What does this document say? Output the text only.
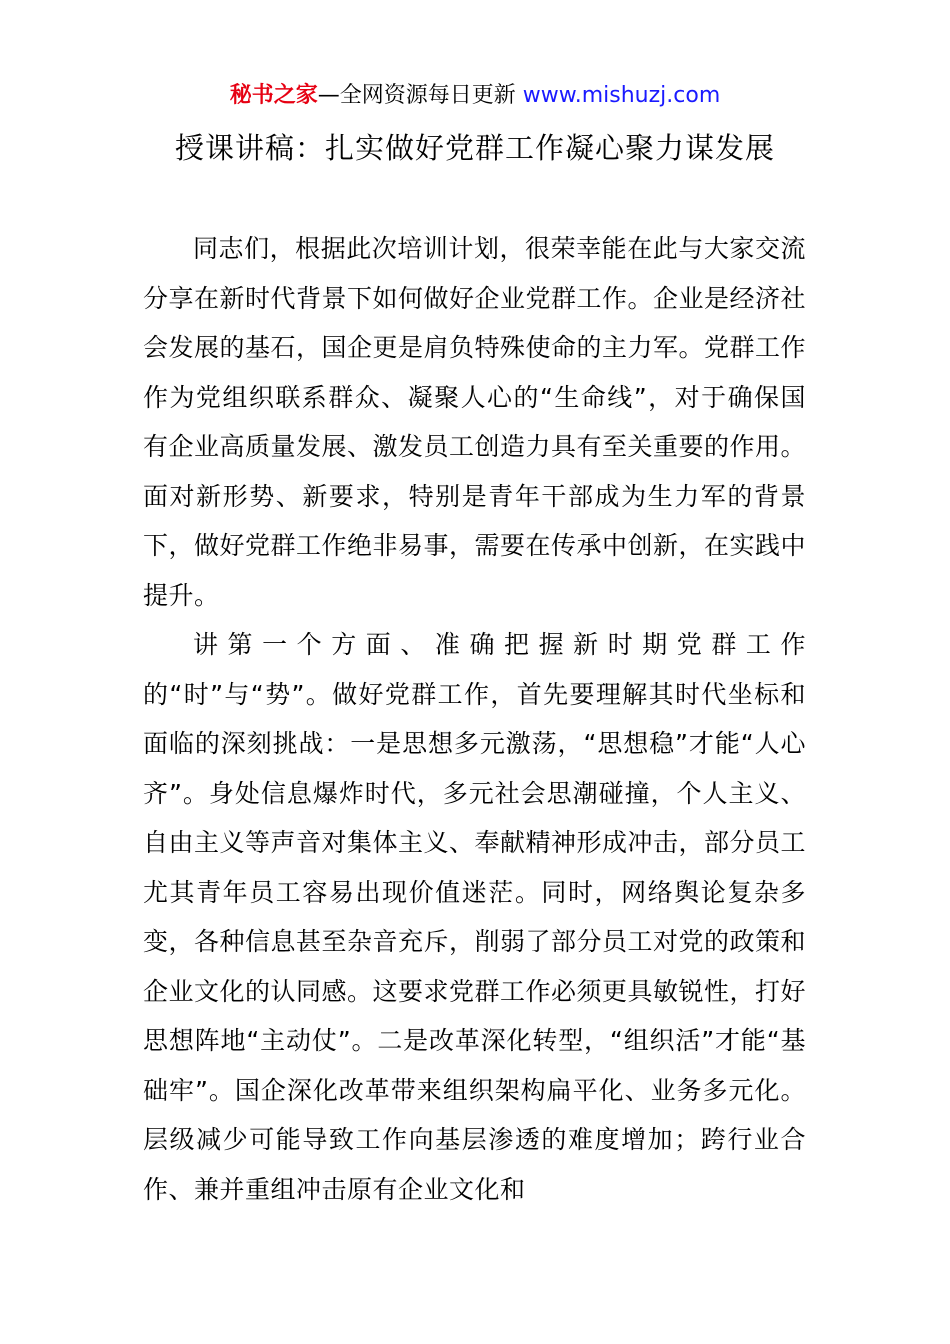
秘书之家—全网资源每日更新 www.mishuzj.com
授课讲稿：扎实做好党群工作凝心聚力谋发展

同志们，根据此次培训计划，很荣幸能在此与大家交流分享在新时代背景下如何做好企业党群工作。企业是经济社会发展的基石，国企更是肩负特殊使命的主力军。党群工作作为党组织联系群众、凝聚人心的“生命线”，对于确保国有企业高质量发展、激发员工创造力具有至关重要的作用。面对新形势、新要求，特别是青年干部成为生力军的背景下，做好党群工作绝非易事，需要在传承中创新，在实践中提升。

讲第一个方面、准确把握新时期党群工作的“时”与“势”。做好党群工作，首先要理解其时代坐标和面临的深刻挑战：一是思想多元激荡，“思想稳”才能“人心齐”。身处信息爆炸时代，多元社会思潮碰撞，个人主义、自由主义等声音对集体主义、奉献精神形成冲击，部分员工尤其青年员工容易出现价值迷茫。同时，网络舆论复杂多变，各种信息甚至杂音充斥，削弱了部分员工对党的政策和企业文化的认同感。这要求党群工作必须更具敏锐性，打好思想阵地“主动仗”。二是改革深化转型，“组织活”才能“基础牢”。国企深化改革带来组织架构扁平化、业务多元化。层级减少可能导致工作向基层渗透的难度增加；跨行业合作、兼并重组冲击原有企业文化和
